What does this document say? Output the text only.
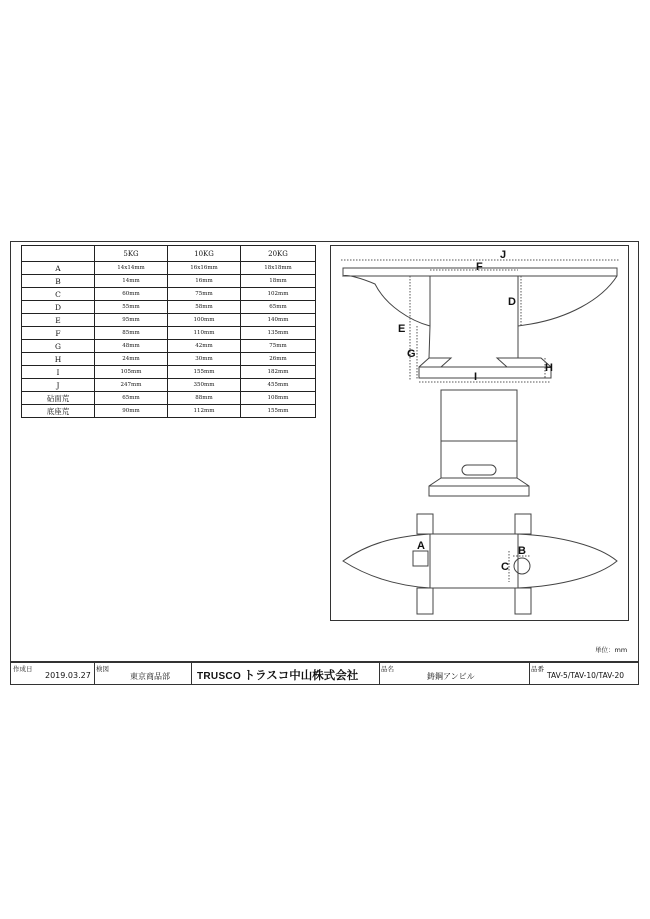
	5KG	10KG	20KG
A	14x14mm	16x16mm	18x18mm
B	14mm	16mm	18mm
C	60mm	75mm	102mm
D	55mm	58mm	65mm
E	95mm	100mm	140mm
F	85mm	110mm	135mm
G	48mm	42mm	75mm
H	24mm	30mm	26mm
I	105mm	155mm	182mm
J	247mm	350mm	455mm
砧面荒	65mm	88mm	108mm
底座荒	90mm	112mm	155mm
J
F
D
E
G
H
I
A	B
C
単位：mm
作成日
2019.03.27
検図
東京商品部	TRUSCO トラスコ中山株式会社	品名
鋳鋼アンビル
品番
TAV-5/TAV-10/TAV-20
